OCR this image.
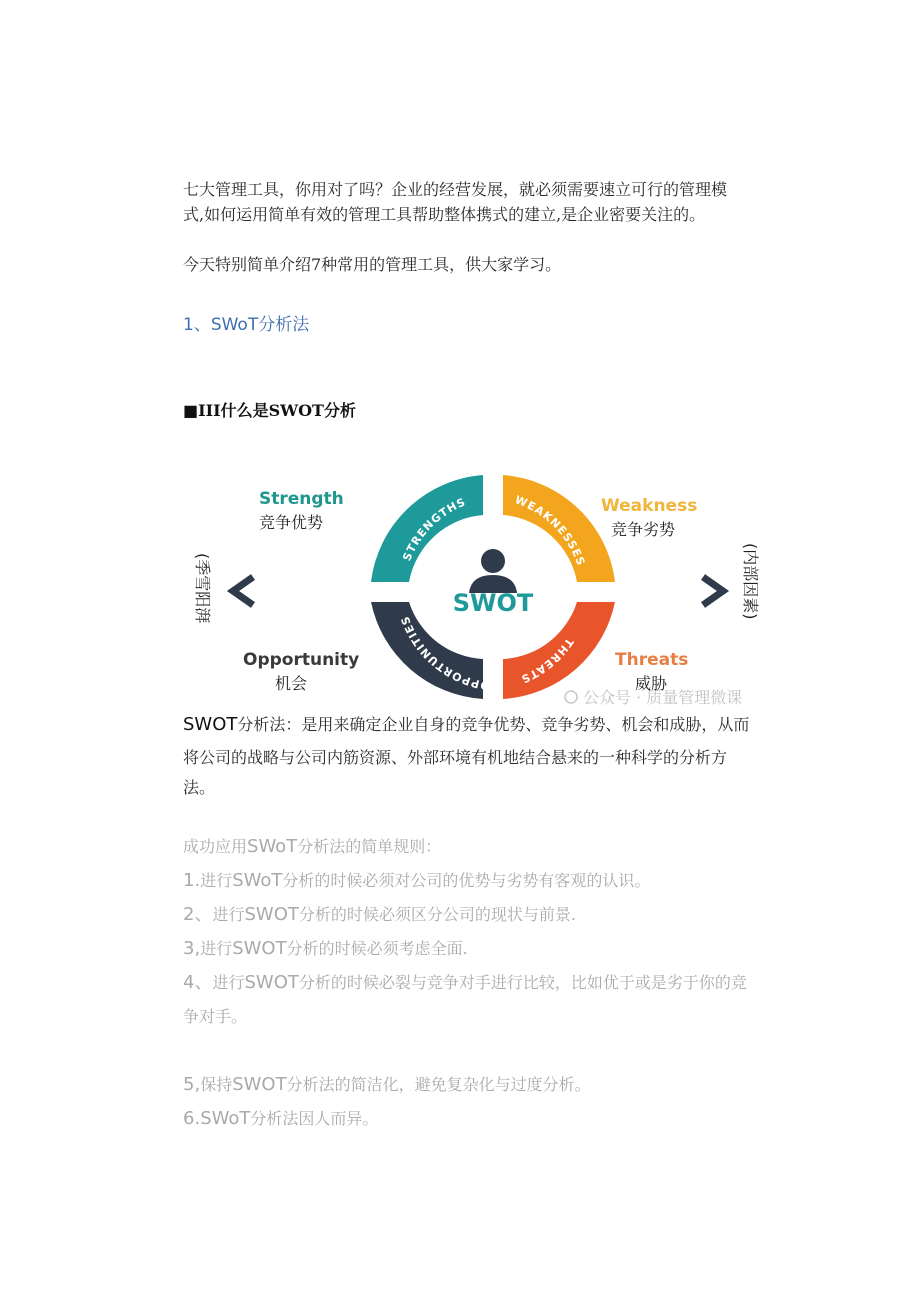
七大管理工具，你用对了吗？企业的经营发展，就必须需要速立可行的管理模
式,如何运用简单有效的管理工具帮助整体携式的建立,是企业密要关注的。
今天特别简单介绍7种常用的管理工具，供大家学习。
1、SWoT分析法
■III什么是SWOT分析
STRENGTHS	WEAKNESSES
THREATS
OPPORTUNITIES
SWOT
Strength
竞争优势
Weakness
竞争劣势
Opportunity
机会
Threats
威胁
(季雪阳湃	(内部因素)
公众号 · 质量管理微课
SWOT分析法：是用来确定企业自身的竞争优势、竞争劣势、机会和成胁，从而
将公司的战略与公司内筋资源、外部环境有机地结合悬来的一种科学的分析方
法。
成功应用SWoT分析法的简单规则：
1.进行SWoT分析的时候必须对公司的优势与劣势有客观的认识。
2、进行SWOT分析的时候必须区分公司的现状与前景.
3,进行SWOT分析的时候必须考虑全面.
4、进行SWOT分析的时候必裂与竞争对手进行比较，比如优于或是劣于你的竞
争对手。
5,保持SWOT分析法的简洁化，避免复杂化与过度分析。
6.SWoT分析法因人而异。
